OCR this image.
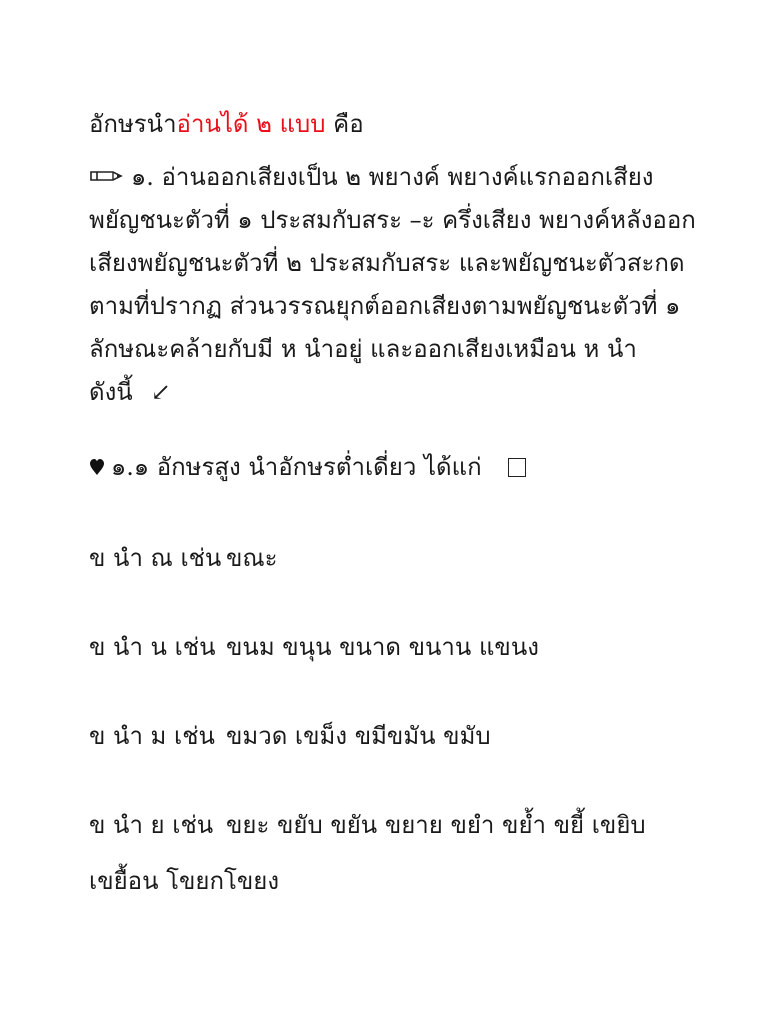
อักษรนำอ่านได้ ๒ แบบ คือ
๑. อ่านออกเสียงเป็น ๒ พยางค์ พยางค์แรกออกเสียง
พยัญชนะตัวที่ ๑ ประสมกับสระ –ะ ครึ่งเสียง พยางค์หลังออก
เสียงพยัญชนะตัวที่ ๒ ประสมกับสระ และพยัญชนะตัวสะกด
ตามที่ปรากฏ ส่วนวรรณยุกต์ออกเสียงตามพยัญชนะตัวที่ ๑
ลักษณะคล้ายกับมี ห นำอยู่ และออกเสียงเหมือน ห นำ
ดังนี้ ↙
๑.๑ อักษรสูง นำอักษรต่ำเดี่ยว ได้แก่
ข นำ ณ เช่น ขณะ
ข นำ น เช่น ขนม ขนุน ขนาด ขนาน แขนง
ข นำ ม เช่น ขมวด เขม็ง ขมีขมัน ขมับ
ข นำ ย เช่น ขยะ ขยับ ขยัน ขยาย ขยำ ขย้ำ ขยี้ เขยิบ
เขยื้อน โขยกโขยง
